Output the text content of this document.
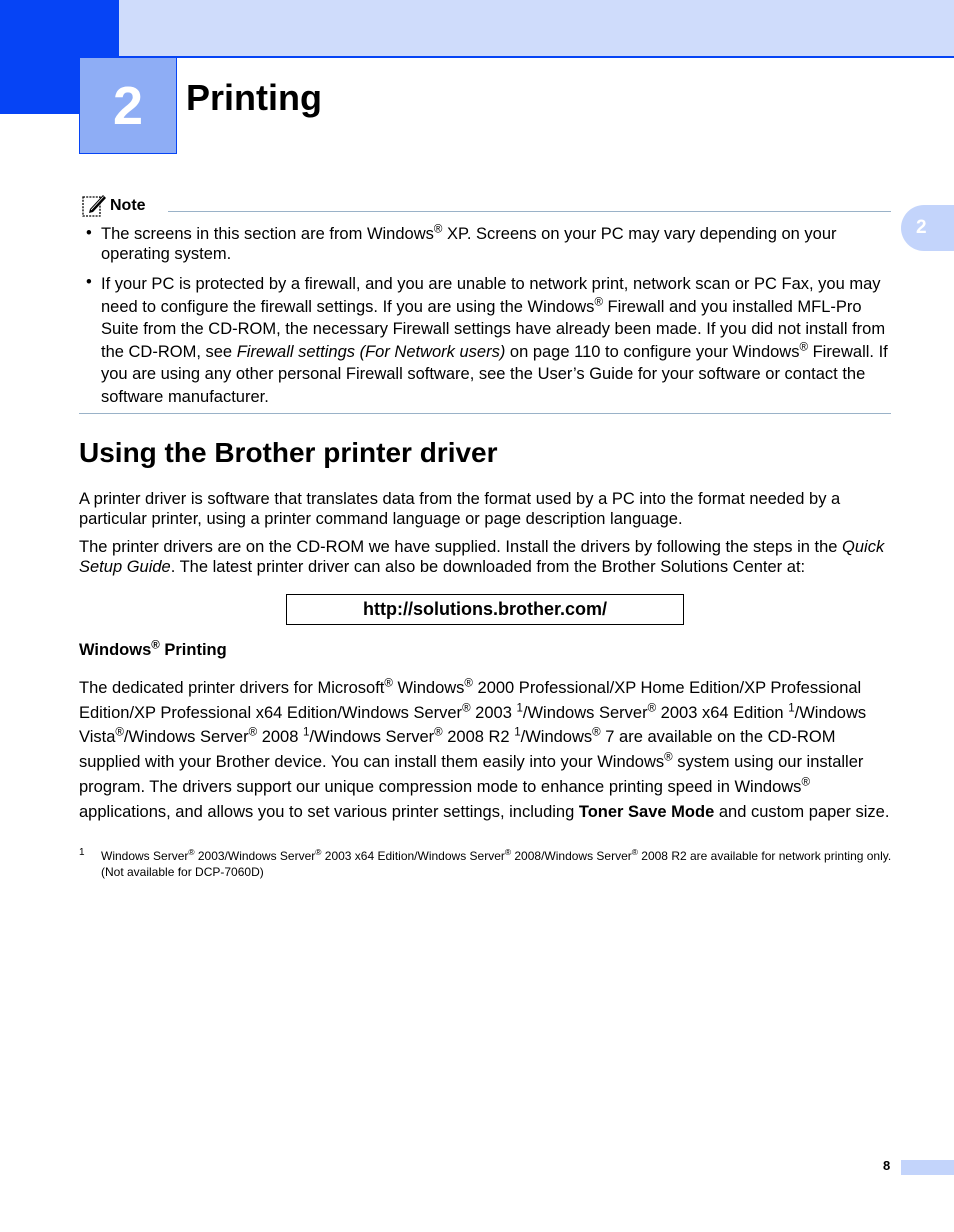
2	Printing
2
Note
• The screens in this section are from Windows® XP. Screens on your PC may vary depending on your operating system.
• If your PC is protected by a firewall, and you are unable to network print, network scan or PC Fax, you may need to configure the firewall settings. If you are using the Windows® Firewall and you installed MFL-Pro Suite from the CD-ROM, the necessary Firewall settings have already been made. If you did not install from the CD-ROM, see Firewall settings (For Network users) on page 110 to configure your Windows® Firewall. If you are using any other personal Firewall software, see the User’s Guide for your software or contact the software manufacturer.
Using the Brother printer driver
A printer driver is software that translates data from the format used by a PC into the format needed by a particular printer, using a printer command language or page description language.
The printer drivers are on the CD-ROM we have supplied. Install the drivers by following the steps in the Quick Setup Guide. The latest printer driver can also be downloaded from the Brother Solutions Center at:
http://solutions.brother.com/
Windows® Printing
The dedicated printer drivers for Microsoft® Windows® 2000 Professional/XP Home Edition/XP Professional Edition/XP Professional x64 Edition/Windows Server® 2003 $^1$/Windows Server® 2003 x64 Edition $^1$/Windows Vista®/Windows Server® 2008 $^1$/Windows Server® 2008 R2 $^1$/Windows® 7 are available on the CD-ROM supplied with your Brother device. You can install them easily into your Windows® system using our installer program. The drivers support our unique compression mode to enhance printing speed in Windows® applications, and allows you to set various printer settings, including Toner Save Mode and custom paper size.
1 Windows Server® 2003/Windows Server® 2003 x64 Edition/Windows Server® 2008/Windows Server® 2008 R2 are available for network printing only. (Not available for DCP-7060D)
8
